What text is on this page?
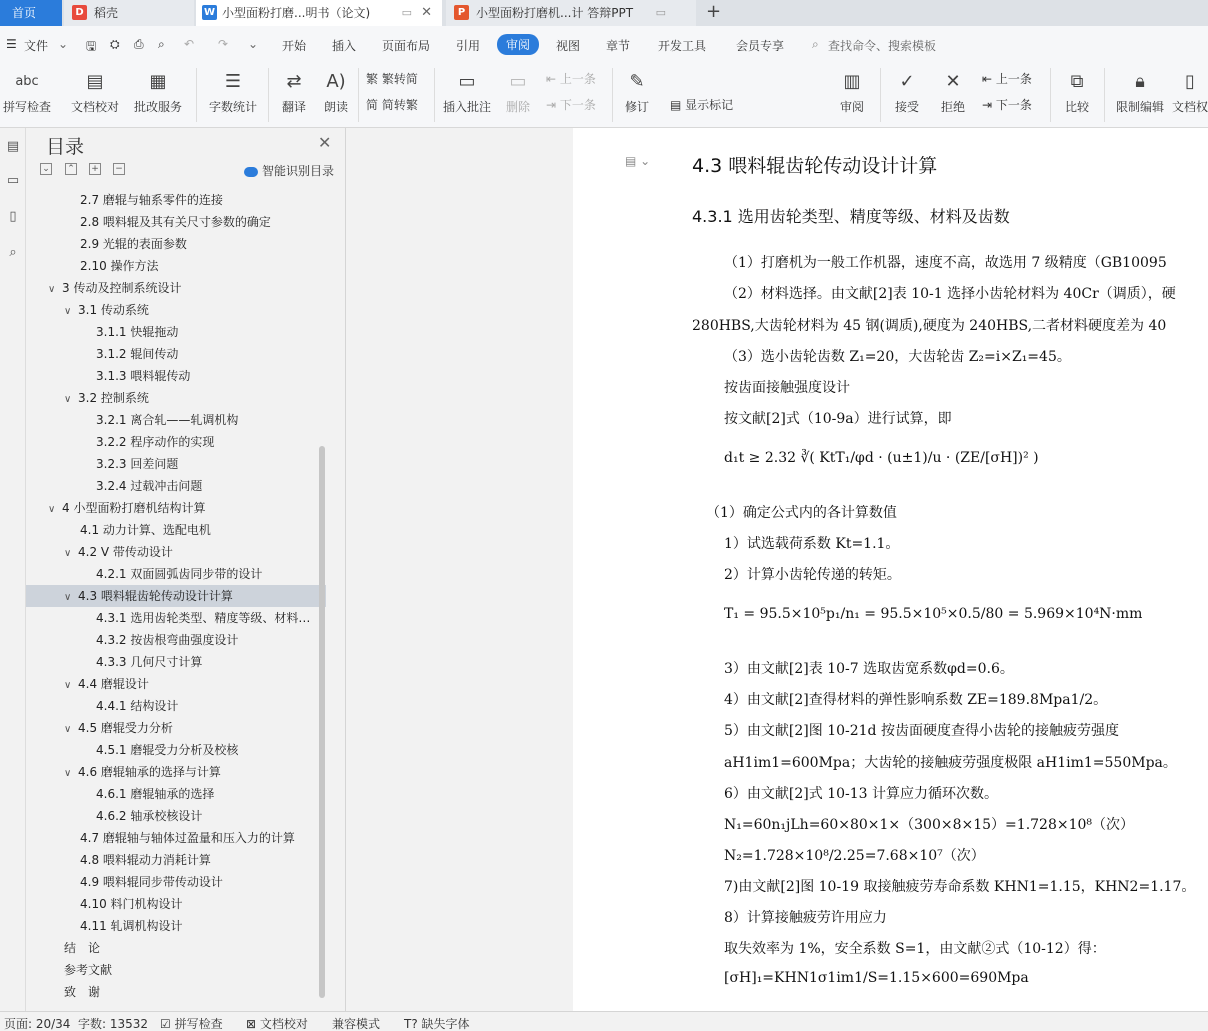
首页	D 稻壳	W 小型面粉打磨...明书（论文)	▭ ✕	P 小型面粉打磨机...计 答辩PPT ▭ +
☰ 文件 ⌄ 🖫 ⛭ ⎙ ⌕ ↶ ↷ ⌄ 开始 插入 页面布局 引用	审阅	视图 章节 开发工具 会员专享 ⌕ 查找命令、搜索模板
abc
拼写检查
▤
文档校对
▦
批改服务
☰
字数统计
⇄
翻译
A)
朗读
繁 繁转简
简 简转繁
▭
插入批注
▭
删除
⇤ 上一条
⇥ 下一条
✎
修订	▤ 显示标记
▥
审阅
✓
接受
✕
拒绝
⇤ 上一条
⇥ 下一条
⧉
比较
🔒︎
限制编辑
▯
文档权
▤
▭
▯
⌕
目录	✕
⌄ ⌃ + −	智能识别目录
2.7 磨辊与轴系零件的连接
2.8 喂料辊及其有关尺寸参数的确定
2.9 光辊的表面参数
2.10 操作方法
∨ 3 传动及控制系统设计
∨ 3.1 传动系统
3.1.1 快辊拖动
3.1.2 辊间传动
3.1.3 喂料辊传动
∨ 3.2 控制系统
3.2.1 离合轧——轧调机构
3.2.2 程序动作的实现
3.2.3 回差问题
3.2.4 过载冲击问题
∨ 4 小型面粉打磨机结构计算
4.1 动力计算、选配电机
∨ 4.2 V 带传动设计
4.2.1 双面圆弧齿同步带的设计
∨ 4.3 喂料辊齿轮传动设计计算
4.3.1 选用齿轮类型、精度等级、材料…
4.3.2 按齿根弯曲强度设计
4.3.3 几何尺寸计算
∨ 4.4 磨辊设计
4.4.1 结构设计
∨ 4.5 磨辊受力分析
4.5.1 磨辊受力分析及校核
∨ 4.6 磨辊轴承的选择与计算
4.6.1 磨辊轴承的选择
4.6.2 轴承校核设计
4.7 磨辊轴与轴体过盈量和压入力的计算
4.8 喂料辊动力消耗计算
4.9 喂料辊同步带传动设计
4.10 料门机构设计
4.11 轧调机构设计
结　论
参考文献
致　谢
▤ ⌄ 4.3 喂料辊齿轮传动设计计算
4.3.1 选用齿轮类型、精度等级、材料及齿数
（1）打磨机为一般工作机器，速度不高，故选用 7 级精度（GB10095
（2）材料选择。由文献[2]表 10-1 选择小齿轮材料为 40Cr（调质），硬
280HBS,大齿轮材料为 45 钢(调质),硬度为 240HBS,二者材料硬度差为 40
（3）选小齿轮齿数 Z₁=20，大齿轮齿 Z₂=i×Z₁=45。
按齿面接触强度设计
按文献[2]式（10-9a）进行试算，即
d₁t ≥ 2.32 ∛( KtT₁/φd · (u±1)/u · (ZE/[σH])² )
（1）确定公式内的各计算数值
1）试选载荷系数 Kt=1.1。
2）计算小齿轮传递的转矩。
T₁ = 95.5×10⁵p₁/n₁ = 95.5×10⁵×0.5/80 = 5.969×10⁴N·mm
3）由文献[2]表 10-7 选取齿宽系数φd=0.6。
4）由文献[2]查得材料的弹性影响系数 ZE=189.8Mpa1/2。
5）由文献[2]图 10-21d 按齿面硬度查得小齿轮的接触疲劳强度
aH1im1=600Mpa；大齿轮的接触疲劳强度极限 aH1im1=550Mpa。
6）由文献[2]式 10-13 计算应力循环次数。
N₁=60n₁jLh=60×80×1×（300×8×15）=1.728×10⁸（次）
N₂=1.728×10⁸/2.25=7.68×10⁷（次）
7)由文献[2]图 10-19 取接触疲劳寿命系数 KHN1=1.15，KHN2=1.17。
8）计算接触疲劳许用应力
取失效率为 1%，安全系数 S=1，由文献②式（10-12）得：
[σH]₁=KHN1σ1im1/S=1.15×600=690Mpa
页面: 20/34 字数: 13532 ☑ 拼写检查 ⊠ 文档校对 兼容模式 T? 缺失字体
